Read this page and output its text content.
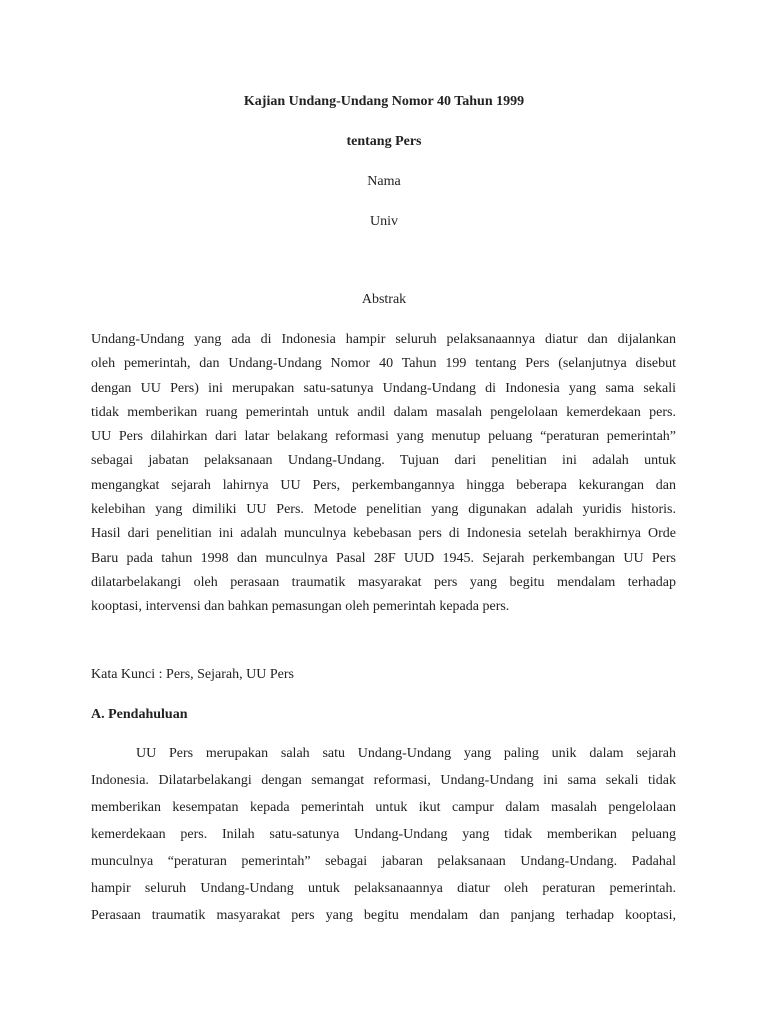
Kajian Undang-Undang Nomor 40 Tahun 1999
tentang Pers
Nama
Univ
Abstrak
Undang-Undang yang ada di Indonesia hampir seluruh pelaksanaannya diatur dan dijalankan
oleh pemerintah, dan Undang-Undang Nomor 40 Tahun 199 tentang Pers (selanjutnya disebut
dengan UU Pers) ini merupakan satu-satunya Undang-Undang di Indonesia yang sama sekali
tidak memberikan ruang pemerintah untuk andil dalam masalah pengelolaan kemerdekaan pers.
UU Pers dilahirkan dari latar belakang reformasi yang menutup peluang “peraturan pemerintah”
sebagai jabatan pelaksanaan Undang-Undang. Tujuan dari penelitian ini adalah untuk
mengangkat sejarah lahirnya UU Pers, perkembangannya hingga beberapa kekurangan dan
kelebihan yang dimiliki UU Pers. Metode penelitian yang digunakan adalah yuridis historis.
Hasil dari penelitian ini adalah munculnya kebebasan pers di Indonesia setelah berakhirnya Orde
Baru pada tahun 1998 dan munculnya Pasal 28F UUD 1945. Sejarah perkembangan UU Pers
dilatarbelakangi oleh perasaan traumatik masyarakat pers yang begitu mendalam terhadap
kooptasi, intervensi dan bahkan pemasungan oleh pemerintah kepada pers.
Kata Kunci : Pers, Sejarah, UU Pers
A. Pendahuluan
UU Pers merupakan salah satu Undang-Undang yang paling unik dalam sejarah
Indonesia. Dilatarbelakangi dengan semangat reformasi, Undang-Undang ini sama sekali tidak
memberikan kesempatan kepada pemerintah untuk ikut campur dalam masalah pengelolaan
kemerdekaan pers. Inilah satu-satunya Undang-Undang yang tidak memberikan peluang
munculnya “peraturan pemerintah” sebagai jabaran pelaksanaan Undang-Undang. Padahal
hampir seluruh Undang-Undang untuk pelaksanaannya diatur oleh peraturan pemerintah.
Perasaan traumatik masyarakat pers yang begitu mendalam dan panjang terhadap kooptasi,
